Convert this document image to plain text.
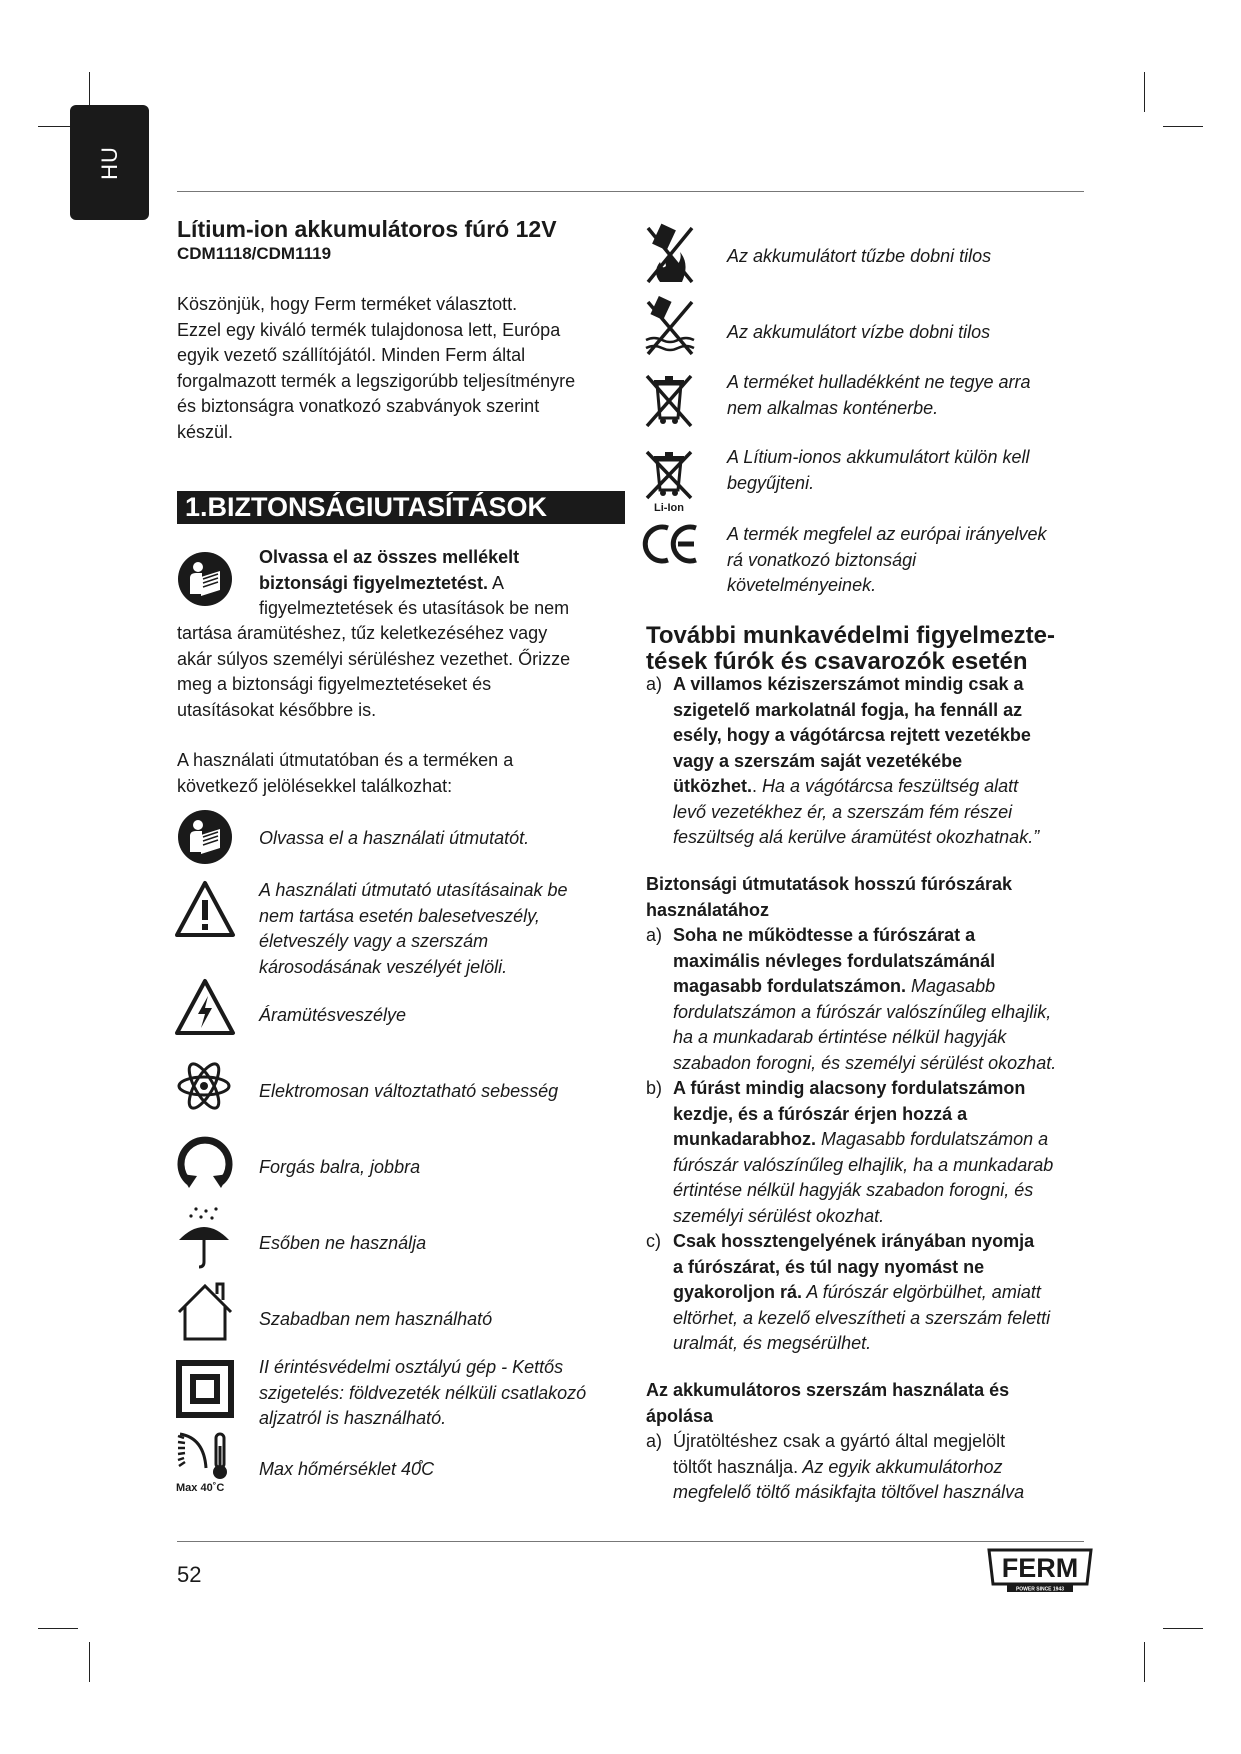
HU
Lítium-ion akkumulátoros fúró 12V
CDM1118/CDM1119

Köszönjük, hogy Ferm terméket választott.

Ezzel egy kiváló termék tulajdonosa lett, Európa

egyik vezető szállítójától. Minden Ferm által

forgalmazott termék a legszigorúbb teljesítményre

és biztonságra vonatkozó szabványok szerint

készül.

1.BIZTONSÁGIUTASÍTÁSOK

Olvassa el az összes mellékelt

biztonsági figyelmeztetést. A

figyelmeztetések és utasítások be nem

tartása áramütéshez, tűz keletkezéséhez vagy

akár súlyos személyi sérüléshez vezethet. Őrizze

meg a biztonsági figyelmeztetéseket és

utasításokat későbbre is.

A használati útmutatóban és a terméken a

következő jelölésekkel találkozhat:

Olvassa el a használati útmutatót.
A használati útmutató utasításainak be
nem tartása esetén balesetveszély,
életveszély vagy a szerszám
károsodásának veszélyét jelöli.
Áramütésveszélye
Elektromosan változtatható sebesség
Forgás balra, jobbra
Esőben ne használja
Szabadban nem használható
II érintésvédelmi osztályú gép - Kettős
szigetelés: földvezeték nélküli csatlakozó
aljzatról is használható.
Max 40˚C
Max hőmérséklet 40̊C
Az akkumulátort tűzbe dobni tilos
Az akkumulátort vízbe dobni tilos
A terméket hulladékként ne tegye arra
nem alkalmas konténerbe.
Li-Ion
A Lítium-ionos akkumulátort külön kell
begyűjteni.
A termék megfelel az európai irányelvek
rá vonatkozó biztonsági
követelményeinek.
További munkavédelmi figyelmezte-
tések fúrók és csavarozók esetén
a) A villamos kéziszerszámot mindig csak a
szigetelő markolatnál fogja, ha fennáll az
esély, hogy a vágótárcsa rejtett vezetékbe
vagy a szerszám saját vezetékébe
ütközhet.. Ha a vágótárcsa feszültség alatt
levő vezetékhez ér, a szerszám fém részei
feszültség alá kerülve áramütést okozhatnak.”
Biztonsági útmutatások hosszú fúrószárak
használatához
a) Soha ne működtesse a fúrószárat a
maximális névleges fordulatszámánál
magasabb fordulatszámon. Magasabb
fordulatszámon a fúrószár valószínűleg elhajlik,
ha a munkadarab értintése nélkül hagyják
szabadon forogni, és személyi sérülést okozhat.
b) A fúrást mindig alacsony fordulatszámon
kezdje, és a fúrószár érjen hozzá a
munkadarabhoz. Magasabb fordulatszámon a
fúrószár valószínűleg elhajlik, ha a munkadarab
értintése nélkül hagyják szabadon forogni, és
személyi sérülést okozhat.
c) Csak hossztengelyének irányában nyomja
a fúrószárat, és túl nagy nyomást ne
gyakoroljon rá. A fúrószár elgörbülhet, amiatt
eltörhet, a kezelő elveszítheti a szerszám feletti
uralmát, és megsérülhet.
Az akkumulátoros szerszám használata és
ápolása
a) Újratöltéshez csak a gyártó által megjelölt
töltőt használja. Az egyik akkumulátorhoz
megfelelő töltő másikfajta töltővel használva
52	FERM
POWER SINCE 1943
